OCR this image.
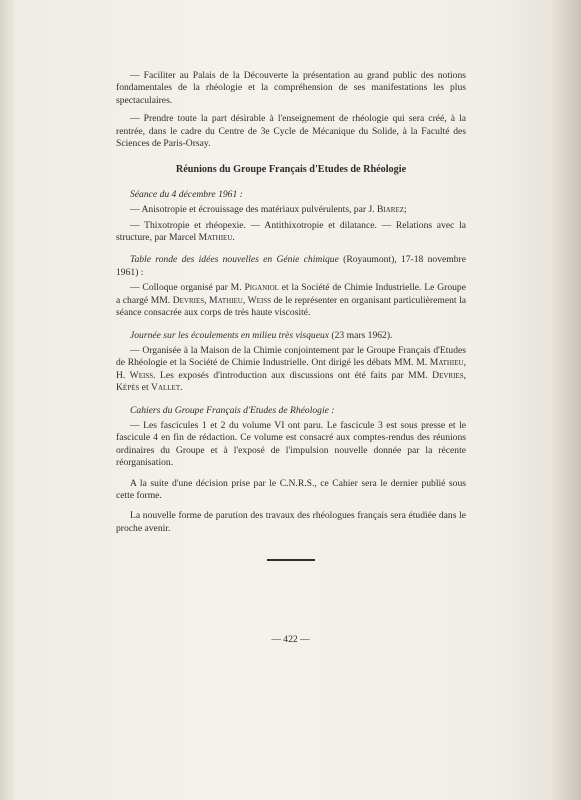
— Faciliter au Palais de la Découverte la présentation au grand public des notions fondamentales de la rhéologie et la compréhension de ses manifestations les plus spectaculaires.

— Prendre toute la part désirable à l'enseignement de rhéologie qui sera créé, à la rentrée, dans le cadre du Centre de 3e Cycle de Mécanique du Solide, à la Faculté des Sciences de Paris-Orsay.

Réunions du Groupe Français d'Etudes de Rhéologie

Séance du 4 décembre 1961 :

— Anisotropie et écrouissage des matériaux pulvérulents, par J. Biarez;

— Thixotropie et rhéopexie. — Antithixotropie et dilatance. — Relations avec la structure, par Marcel Mathieu.

Table ronde des idées nouvelles en Génie chimique (Royaumont), 17-18 novembre 1961) :

— Colloque organisé par M. Piganiol et la Société de Chimie Industrielle. Le Groupe a chargé MM. Devries, Mathieu, Weiss de le représenter en organisant particulièrement la séance consacrée aux corps de très haute viscosité.

Journée sur les écoulements en milieu très visqueux (23 mars 1962).

— Organisée à la Maison de la Chimie conjointement par le Groupe Français d'Etudes de Rhéologie et la Société de Chimie Industrielle. Ont dirigé les débats MM. M. Mathieu, H. Weiss. Les exposés d'introduction aux discussions ont été faits par MM. Devries, Képès et Vallet.

Cahiers du Groupe Français d'Etudes de Rhéologie :

— Les fascicules 1 et 2 du volume VI ont paru. Le fascicule 3 est sous presse et le fascicule 4 en fin de rédaction. Ce volume est consacré aux comptes-rendus des réunions ordinaires du Groupe et à l'exposé de l'impulsion nouvelle donnée par la récente réorganisation.

A la suite d'une décision prise par le C.N.R.S., ce Cahier sera le dernier publié sous cette forme.

La nouvelle forme de parution des travaux des rhéologues français sera étudiée dans le proche avenir.

— 422 —
